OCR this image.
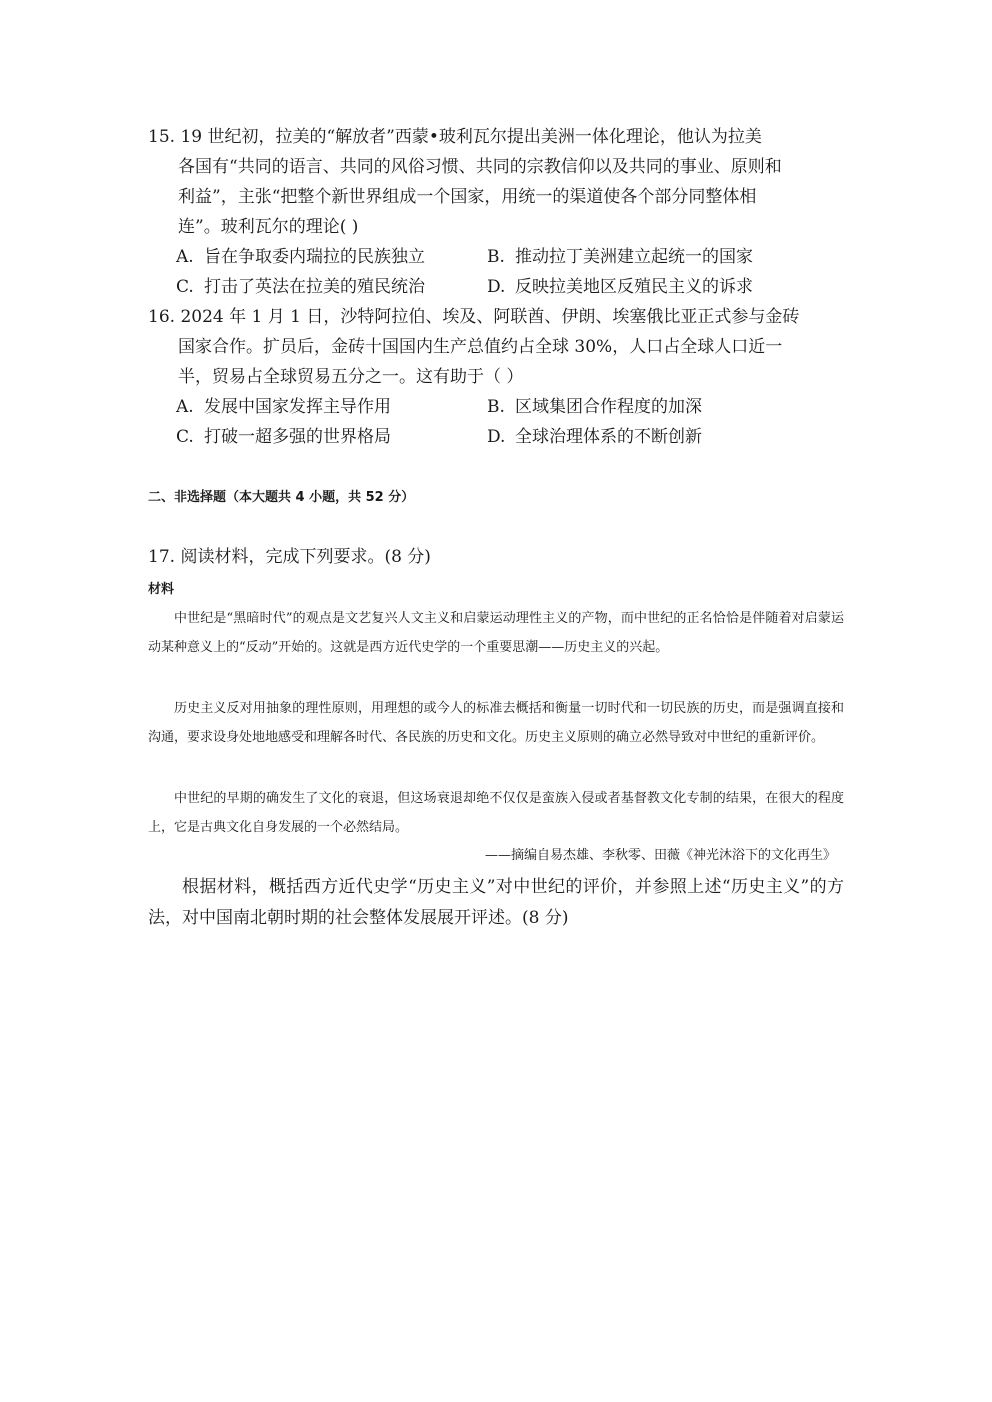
15. 19 世纪初，拉美的“解放者”西蒙•玻利瓦尔提出美洲一体化理论，他认为拉美
各国有“共同的语言、共同的风俗习惯、共同的宗教信仰以及共同的事业、原则和
利益”，主张“把整个新世界组成一个国家，用统一的渠道使各个部分同整体相
连”。玻利瓦尔的理论( )
A. 旨在争取委内瑞拉的民族独立	B. 推动拉丁美洲建立起统一的国家
C. 打击了英法在拉美的殖民统治	D. 反映拉美地区反殖民主义的诉求
16. 2024 年 1 月 1 日，沙特阿拉伯、埃及、阿联酋、伊朗、埃塞俄比亚正式参与金砖
国家合作。扩员后，金砖十国国内生产总值约占全球 30%，人口占全球人口近一
半，贸易占全球贸易五分之一。这有助于（ ）
A. 发展中国家发挥主导作用	B. 区域集团合作程度的加深
C. 打破一超多强的世界格局	D. 全球治理体系的不断创新
二、非选择题（本大题共 4 小题，共 52 分）
17. 阅读材料，完成下列要求。(8 分)
材料
中世纪是“黑暗时代”的观点是文艺复兴人文主义和启蒙运动理性主义的产物，而中世纪的正名恰恰是伴随着对启蒙运动某种意义上的“反动”开始的。这就是西方近代史学的一个重要思潮——历史主义的兴起。
历史主义反对用抽象的理性原则，用理想的或今人的标准去概括和衡量一切时代和一切民族的历史，而是强调直接和沟通，要求设身处地地感受和理解各时代、各民族的历史和文化。历史主义原则的确立必然导致对中世纪的重新评价。
中世纪的早期的确发生了文化的衰退，但这场衰退却绝不仅仅是蛮族入侵或者基督教文化专制的结果，在很大的程度上，它是古典文化自身发展的一个必然结局。
——摘编自易杰雄、李秋零、田薇《神光沐浴下的文化再生》
根据材料，概括西方近代史学“历史主义”对中世纪的评价，并参照上述“历史主义”的方法，对中国南北朝时期的社会整体发展展开评述。(8 分)
